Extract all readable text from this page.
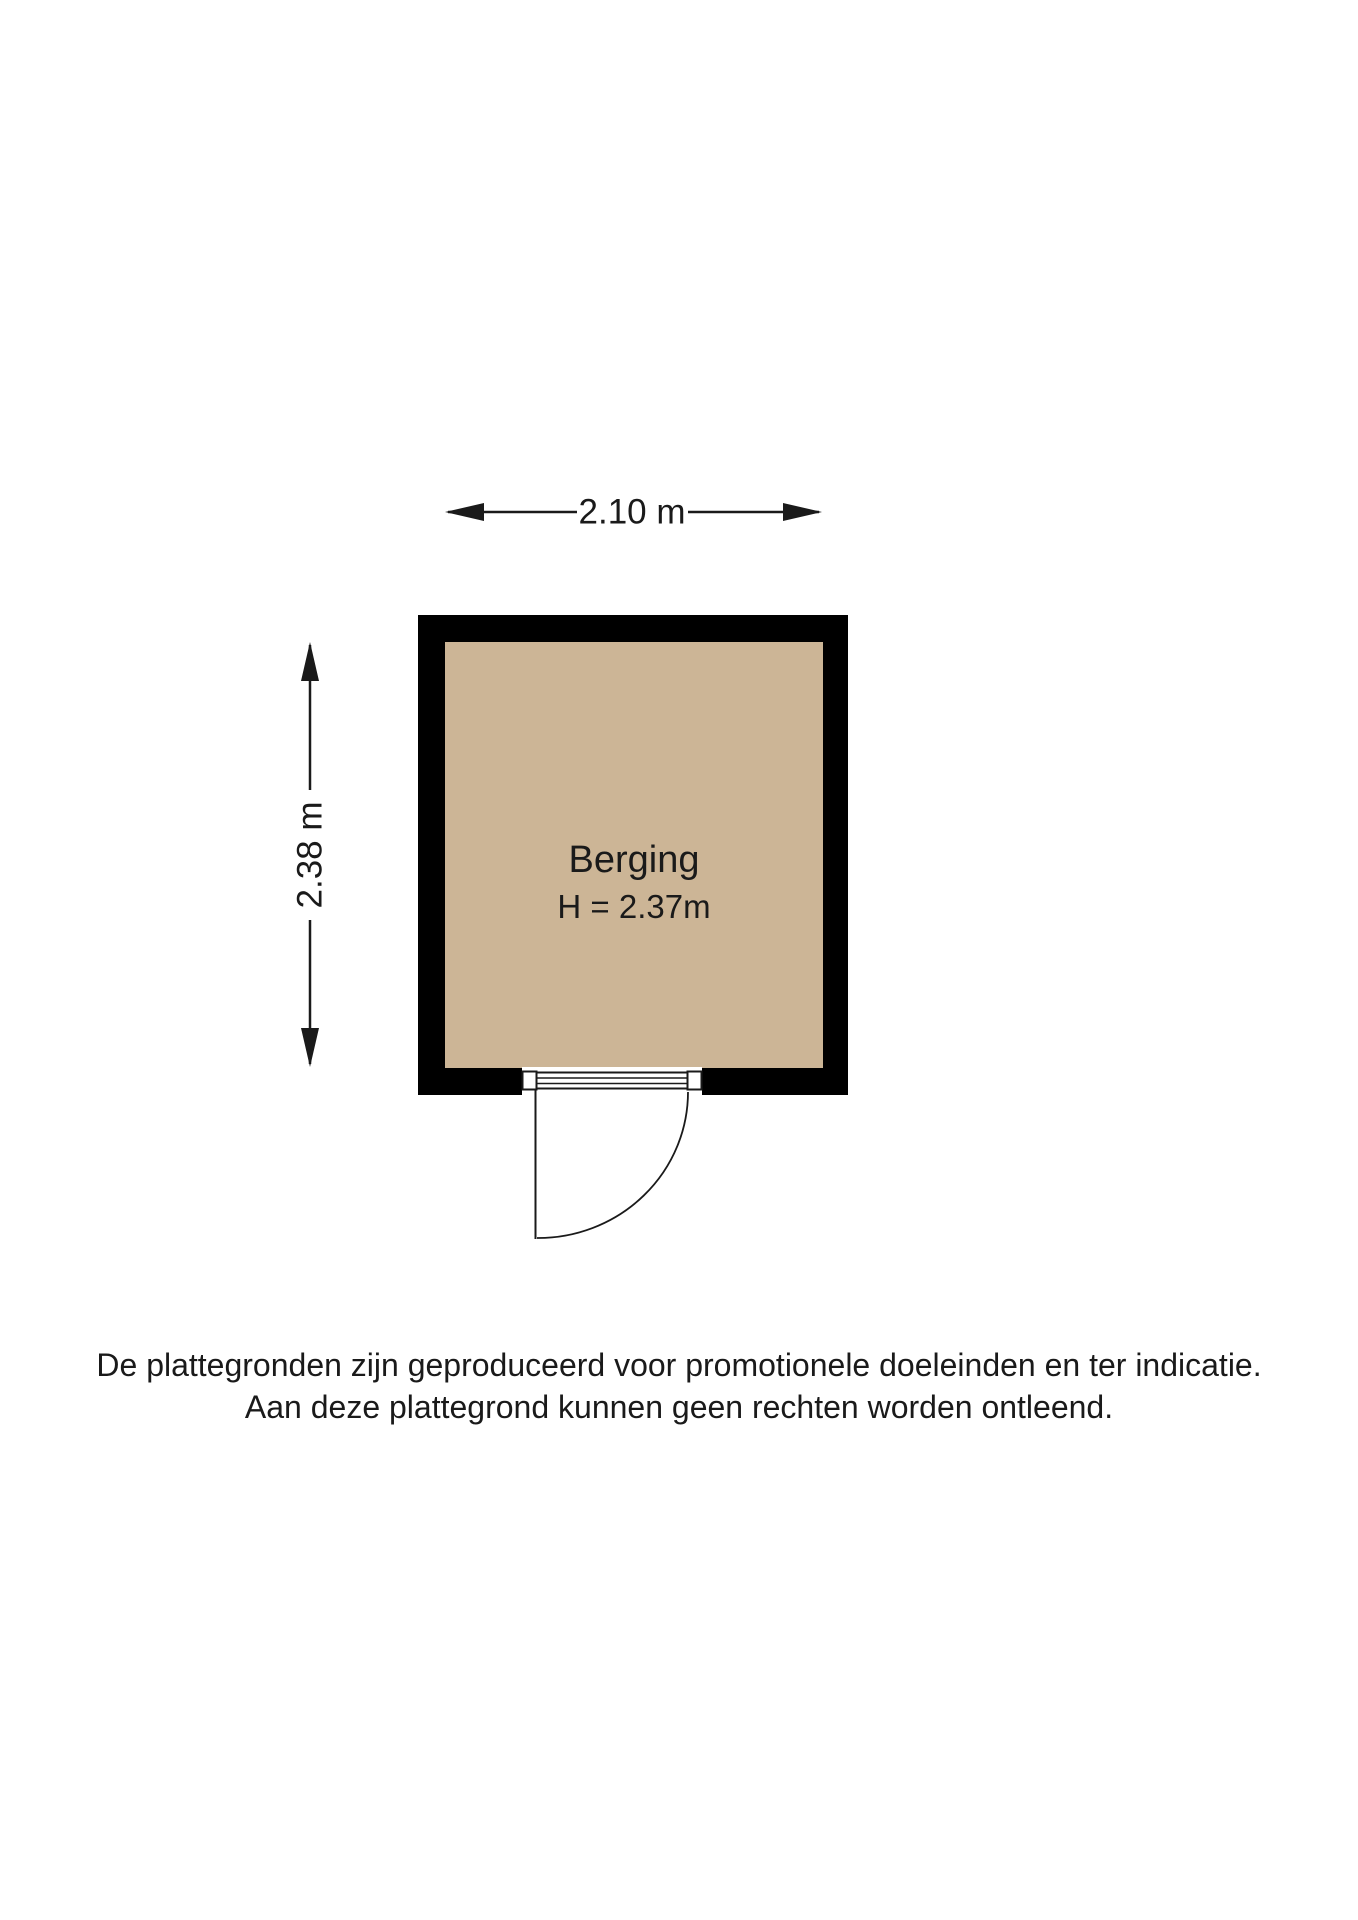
2.10 m
2.38 m	Berging
H = 2.37m
De plattegronden zijn geproduceerd voor promotionele doeleinden en ter indicatie.
Aan deze plattegrond kunnen geen rechten worden ontleend.
